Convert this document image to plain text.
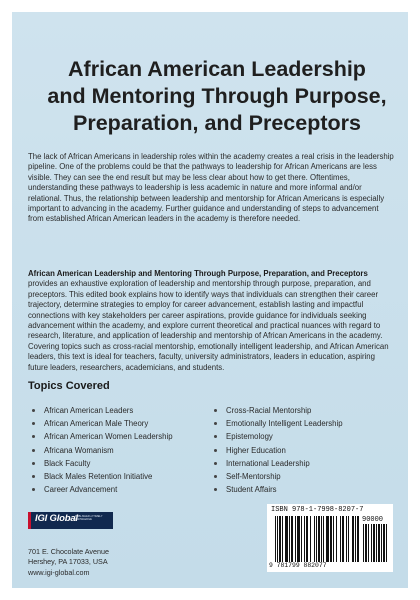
African American Leadership
and Mentoring Through Purpose,
Preparation, and Preceptors

The lack of African Americans in leadership roles within the academy creates a real crisis in the leadership pipeline. One of the problems could be that the pathways to leadership for African Americans are less visible. They can see the end result but may be less clear about how to get there. Oftentimes, understanding these pathways to leadership is less academic in nature and more informal and/or relational. Thus, the relationship between leadership and mentorship for African Americans is especially important to advancing in the academy. Further guidance and understanding of steps to advancement from established African American leaders in the academy is therefore needed.

African American Leadership and Mentoring Through Purpose, Preparation, and Preceptors provides an exhaustive exploration of leadership and mentorship through purpose, preparation, and preceptors. This edited book explains how to identify ways that individuals can strengthen their career trajectory, determine strategies to employ for career advancement, establish lasting and impactful connections with key stakeholders per career aspirations, provide guidance for individuals seeking advancement within the academy, and explore current theoretical and practical nuances with regard to research, literature, and application of leadership and mentorship of African Americans in the academy. Covering topics such as cross-racial mentorship, emotionally intelligent leadership, and African American leaders, this text is ideal for teachers, faculty, university administrators, leaders in education, aspiring future leaders, researchers, academicians, and students.

Topics Covered
African American Leaders
African American Male Theory
African American Women Leadership
Africana Womanism
Black Faculty
Black Males Retention Initiative
Career Advancement
Cross-Racial Mentorship
Emotionally Intelligent Leadership
Epistemology
Higher Education
International Leadership
Self-Mentorship
Student Affairs
IGI Global
PUBLISHER of TIMELY KNOWLEDGE
701 E. Chocolate Avenue
Hershey, PA 17033, USA
www.igi-global.com
ISBN 978-1-7998-8207-7
90000
9 781799 882077
